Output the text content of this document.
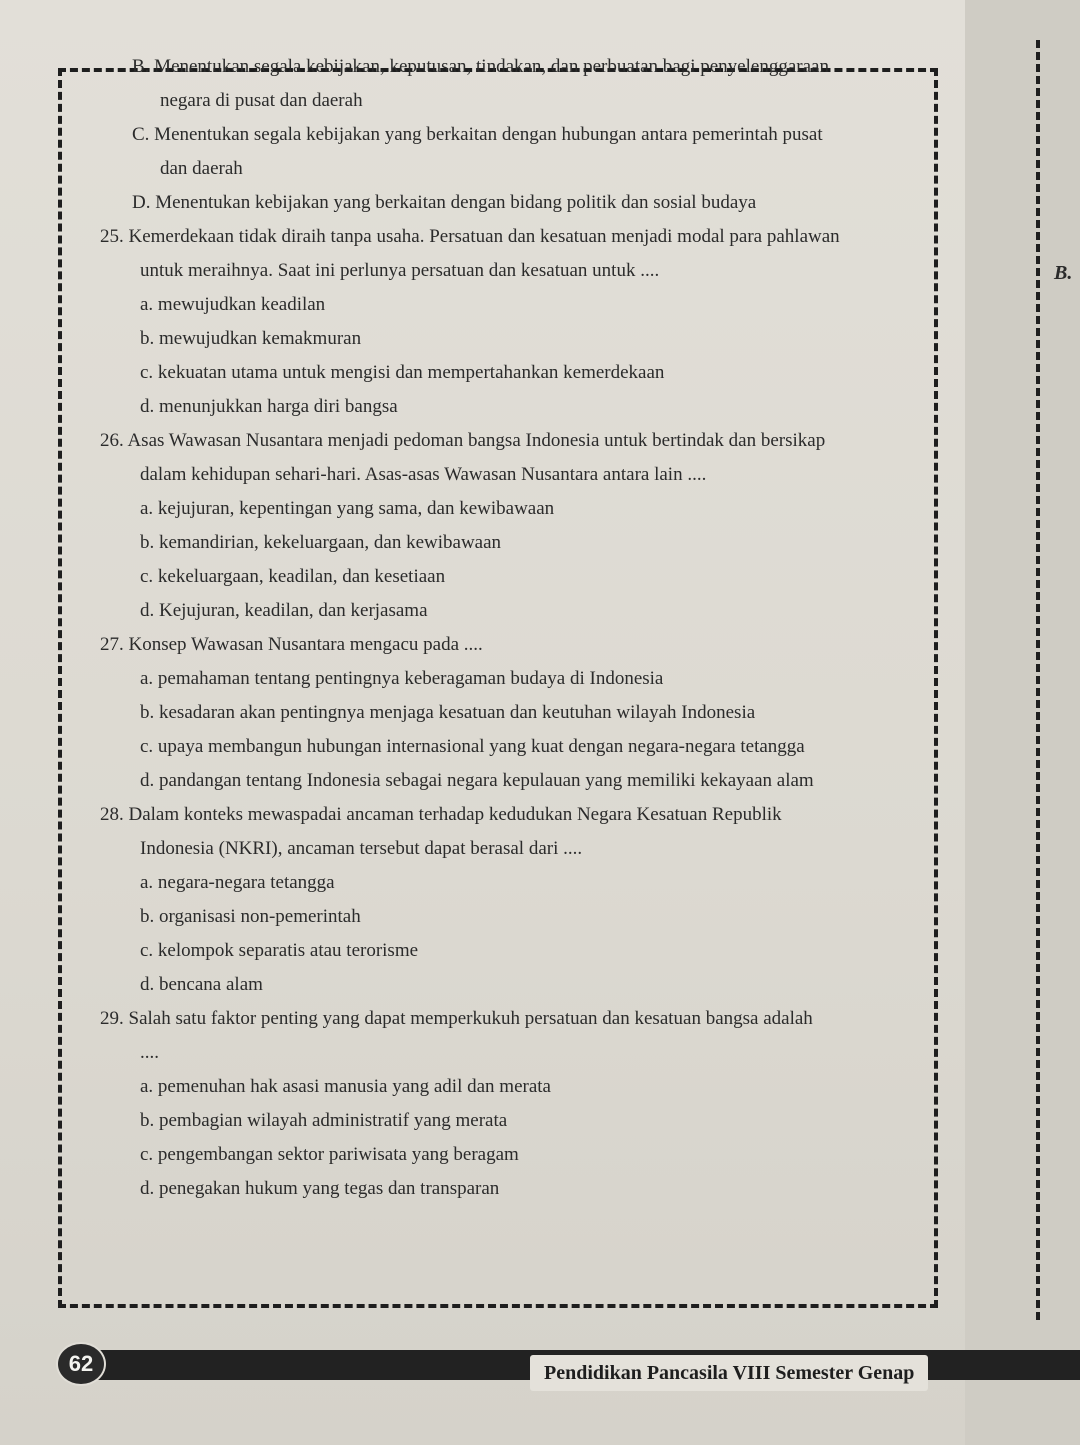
B.
B. Menentukan segala kebijakan, keputusan, tindakan, dan perbuatan bagi penyelenggaraan
negara di pusat dan daerah
C. Menentukan segala kebijakan yang berkaitan dengan hubungan antara pemerintah pusat
dan daerah
D. Menentukan kebijakan yang berkaitan dengan bidang politik dan sosial budaya
25. Kemerdekaan tidak diraih tanpa usaha. Persatuan dan kesatuan menjadi modal para pahlawan
untuk meraihnya. Saat ini perlunya persatuan dan kesatuan untuk ....
a. mewujudkan keadilan
b. mewujudkan kemakmuran
c. kekuatan utama untuk mengisi dan mempertahankan kemerdekaan
d. menunjukkan harga diri bangsa
26. Asas Wawasan Nusantara menjadi pedoman bangsa Indonesia untuk bertindak dan bersikap
dalam kehidupan sehari-hari. Asas-asas Wawasan Nusantara antara lain ....
a. kejujuran, kepentingan yang sama, dan kewibawaan
b. kemandirian, kekeluargaan, dan kewibawaan
c. kekeluargaan, keadilan, dan kesetiaan
d. Kejujuran, keadilan, dan kerjasama
27. Konsep Wawasan Nusantara mengacu pada ....
a. pemahaman tentang pentingnya keberagaman budaya di Indonesia
b. kesadaran akan pentingnya menjaga kesatuan dan keutuhan wilayah Indonesia
c. upaya membangun hubungan internasional yang kuat dengan negara-negara tetangga
d. pandangan tentang Indonesia sebagai negara kepulauan yang memiliki kekayaan alam
28. Dalam konteks mewaspadai ancaman terhadap kedudukan Negara Kesatuan Republik
Indonesia (NKRI), ancaman tersebut dapat berasal dari ....
a. negara-negara tetangga
b. organisasi non-pemerintah
c. kelompok separatis atau terorisme
d. bencana alam
29. Salah satu faktor penting yang dapat memperkukuh persatuan dan kesatuan bangsa adalah
....
a. pemenuhan hak asasi manusia yang adil dan merata
b. pembagian wilayah administratif yang merata
c. pengembangan sektor pariwisata yang beragam
d. penegakan hukum yang tegas dan transparan
62	Pendidikan Pancasila VIII Semester Genap
